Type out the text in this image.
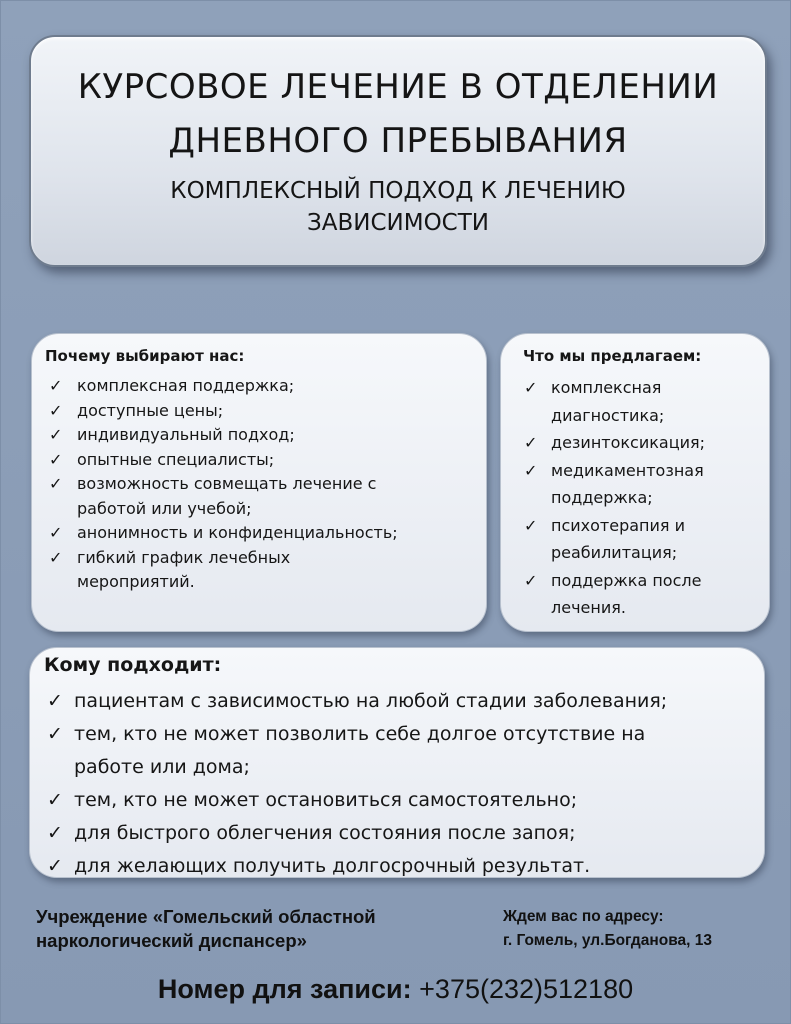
КУРСОВОЕ ЛЕЧЕНИЕ В ОТДЕЛЕНИИ
ДНЕВНОГО ПРЕБЫВАНИЯ
КОМПЛЕКСНЫЙ ПОДХОД К ЛЕЧЕНИЮ
ЗАВИСИМОСТИ
Почему выбирают нас:
✓ комплексная поддержка;
✓ доступные цены;
✓ индивидуальный подход;
✓ опытные специалисты;
✓ возможность совмещать лечение с
работой или учебой;
✓ анонимность и конфиденциальность;
✓ гибкий график лечебных
мероприятий.
Что мы предлагаем:
✓ комплексная
диагностика;
✓ дезинтоксикация;
✓ медикаментозная
поддержка;
✓ психотерапия и
реабилитация;
✓ поддержка после
лечения.
Кому подходит:
✓ пациентам с зависимостью на любой стадии заболевания;
✓ тем, кто не может позволить себе долгое отсутствие на
работе или дома;
✓ тем, кто не может остановиться самостоятельно;
✓ для быстрого облегчения состояния после запоя;
✓ для желающих получить долгосрочный результат.
Учреждение «Гомельский областной
наркологический диспансер»
Ждем вас по адресу:
г. Гомель, ул.Богданова, 13
Номер для записи: +375(232)512180
